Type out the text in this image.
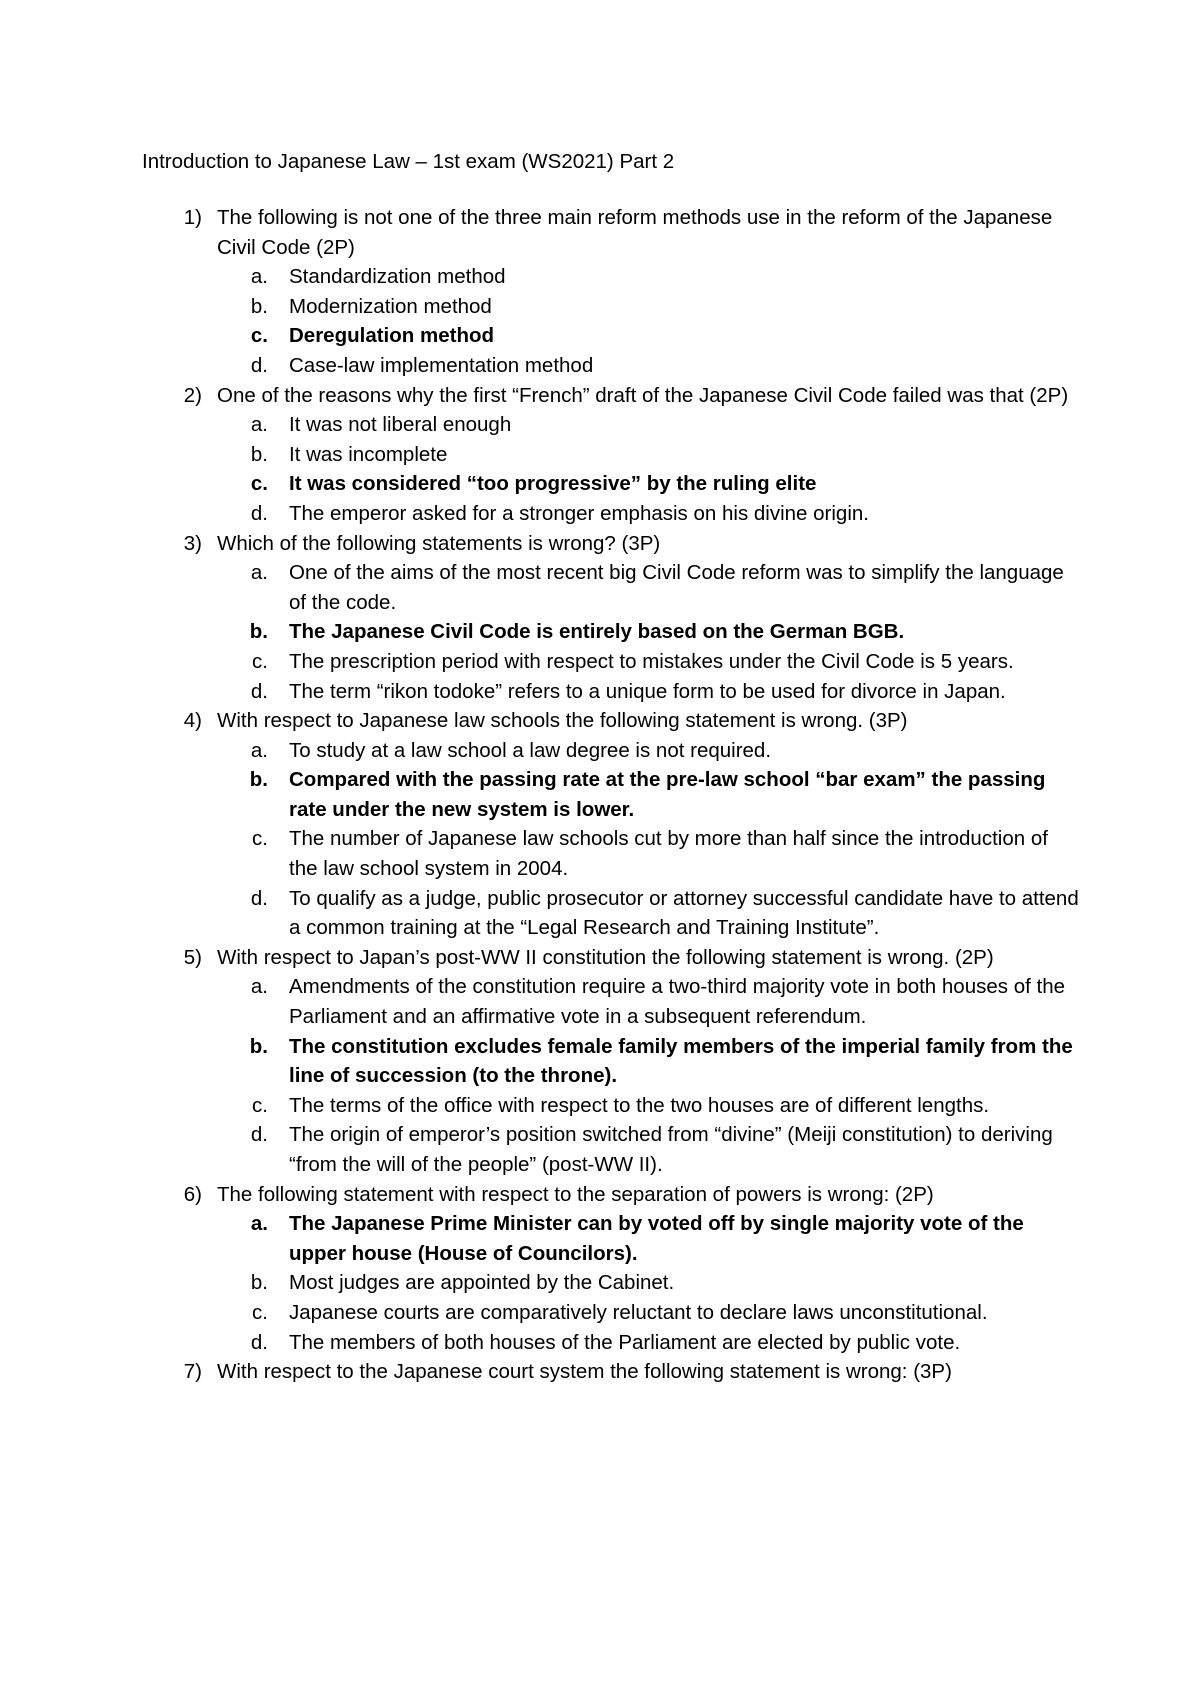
Introduction to Japanese Law – 1st exam (WS2021) Part 2
1) The following is not one of the three main reform methods use in the reform of the Japanese Civil Code (2P)
a. Standardization method
b. Modernization method
c. Deregulation method
d. Case-law implementation method
2) One of the reasons why the first “French” draft of the Japanese Civil Code failed was that (2P)
a. It was not liberal enough
b. It was incomplete
c. It was considered “too progressive” by the ruling elite
d. The emperor asked for a stronger emphasis on his divine origin.
3) Which of the following statements is wrong? (3P)
a. One of the aims of the most recent big Civil Code reform was to simplify the language of the code.
b. The Japanese Civil Code is entirely based on the German BGB.
c. The prescription period with respect to mistakes under the Civil Code is 5 years.
d. The term “rikon todoke” refers to a unique form to be used for divorce in Japan.
4) With respect to Japanese law schools the following statement is wrong. (3P)
a. To study at a law school a law degree is not required.
b. Compared with the passing rate at the pre-law school “bar exam” the passing rate under the new system is lower.
c. The number of Japanese law schools cut by more than half since the introduction of the law school system in 2004.
d. To qualify as a judge, public prosecutor or attorney successful candidate have to attend a common training at the “Legal Research and Training Institute”.
5) With respect to Japan’s post-WW II constitution the following statement is wrong. (2P)
a. Amendments of the constitution require a two-third majority vote in both houses of the Parliament and an affirmative vote in a subsequent referendum.
b. The constitution excludes female family members of the imperial family from the line of succession (to the throne).
c. The terms of the office with respect to the two houses are of different lengths.
d. The origin of emperor’s position switched from “divine” (Meiji constitution) to deriving “from the will of the people” (post-WW II).
6) The following statement with respect to the separation of powers is wrong: (2P)
a. The Japanese Prime Minister can by voted off by single majority vote of the upper house (House of Councilors).
b. Most judges are appointed by the Cabinet.
c. Japanese courts are comparatively reluctant to declare laws unconstitutional.
d. The members of both houses of the Parliament are elected by public vote.
7) With respect to the Japanese court system the following statement is wrong: (3P)
